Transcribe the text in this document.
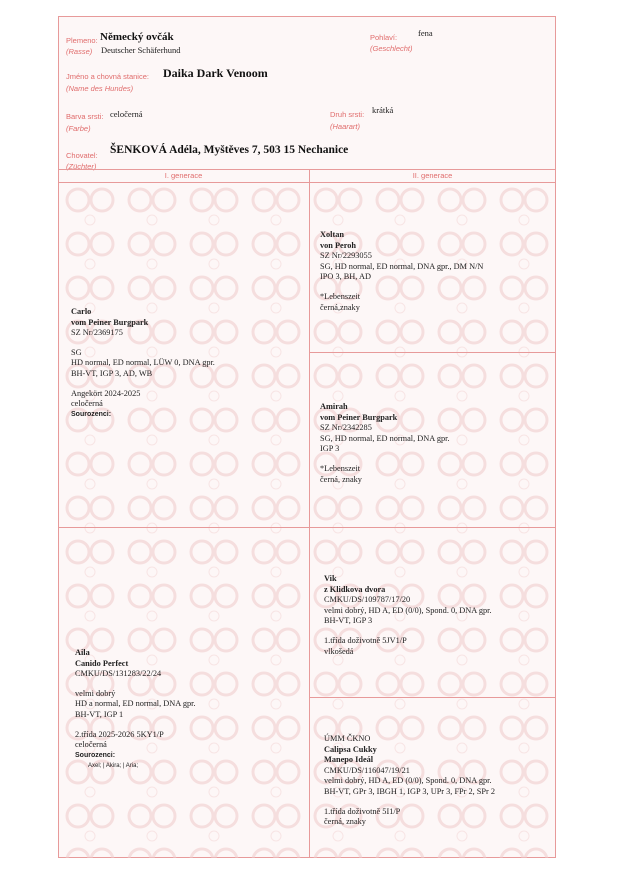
Plemeno: Německý ovčák
(Rasse) Deutscher Schäferhund
Pohlaví: fena
(Geschlecht)
Jméno a chovná stanice: Daika Dark Venoom
(Name des Hundes)
Barva srsti: celočerná
(Farbe)
Druh srsti: krátká
(Haarart)
Chovatel: ŠENKOVÁ Adéla, Myštěves 7, 503 15 Nechanice
(Züchter)
I. generace	II. generace
Carlo
vom Peiner Burgpark
SZ Nr/2369175
SG
HD normal, ED normal, LÜW 0, DNA gpr.
BH-VT, IGP 3, AD, WB
Angekört 2024-2025
celočerná
Sourozenci:
Aila
Canido Perfect
CMKU/DS/131283/22/24
velmi dobrý
HD a normal, ED normal, DNA gpr.
BH-VT, IGP 1
2.třída 2025-2026 5KY1/P
celočerná
Sourozenci:
Axel; | Akira; | Aria;
Xoltan
von Peroh
SZ Nr/2293055
SG, HD normal, ED normal, DNA gpr., DM N/N
IPO 3, BH, AD
*Lebenszeit
černá,znaky
Amirah
vom Peiner Burgpark
SZ Nr/2342285
SG, HD normal, ED normal, DNA gpr.
IGP 3
*Lebenszeit
černá, znaky
Vik
z Klidkova dvora
CMKU/DS/109787/17/20
velmi dobrý, HD A, ED (0/0), Spond. 0, DNA gpr.
BH-VT, IGP 3
1.třída doživotně 5JV1/P
vlkošedá
ÚMM ČKNO
Calipsa Cukky
Manepo Ideál
CMKU/DS/116047/19/21
velmi dobrý, HD A, ED (0/0), Spond. 0, DNA gpr.
BH-VT, GPr 3, IBGH 1, IGP 3, UPr 3, FPr 2, SPr 2
1.třída doživotně 5I1/P
černá, znaky
